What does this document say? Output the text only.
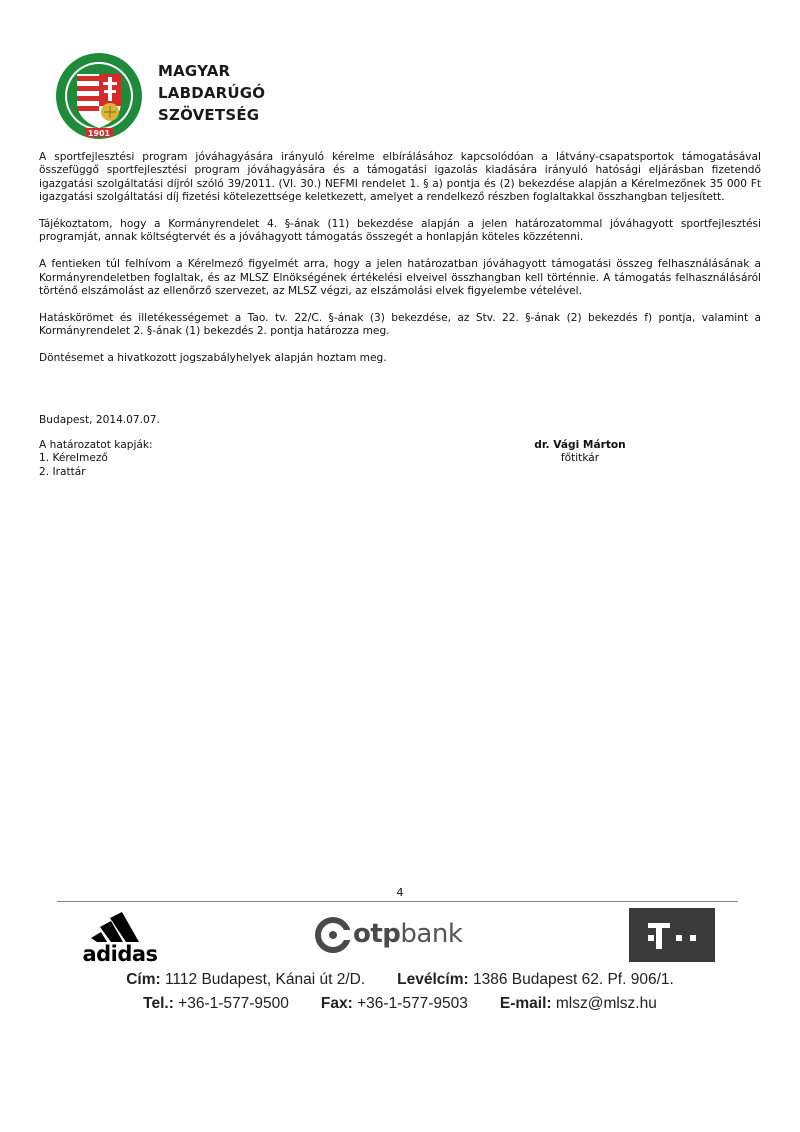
1901
MAGYAR
LABDARÚGÓ
SZÖVETSÉG

A sportfejlesztési program jóváhagyására irányuló kérelme elbírálásához kapcsolódóan a látvány-csapatsportok támogatásával összefüggő sportfejlesztési program jóváhagyására és a támogatási igazolás kiadására irányuló hatósági eljárásban fizetendő igazgatási szolgáltatási díjról szóló 39/2011. (VI. 30.) NEFMI rendelet 1. § a) pontja és (2) bekezdése alapján a Kérelmezőnek 35 000 Ft igazgatási szolgáltatási díj fizetési kötelezettsége keletkezett, amelyet a rendelkező részben foglaltakkal összhangban teljesített.

Tájékoztatom, hogy a Kormányrendelet 4. §-ának (11) bekezdése alapján a jelen határozatommal jóváhagyott sportfejlesztési programját, annak költségtervét és a jóváhagyott támogatás összegét a honlapján köteles közzétenni.

A fentieken túl felhívom a Kérelmező figyelmét arra, hogy a jelen határozatban jóváhagyott támogatási összeg felhasználásának a Kormányrendeletben foglaltak, és az MLSZ Elnökségének értékelési elveivel összhangban kell történnie. A támogatás felhasználásáról történő elszámolást az ellenőrző szervezet, az MLSZ végzi, az elszámolási elvek figyelembe vételével.

Hatáskörömet és illetékességemet a Tao. tv. 22/C. §-ának (3) bekezdése, az Stv. 22. §-ának (2) bekezdés f) pontja, valamint a Kormányrendelet 2. §-ának (1) bekezdés 2. pontja határozza meg.

Döntésemet a hivatkozott jogszabályhelyek alapján hoztam meg.

Budapest, 2014.07.07.
A határozatot kapják:
1. Kérelmező
2. Irattár
dr. Vági Márton
főtitkár
4
adidas
otpbank
Cím: 1112 Budapest, Kánai út 2/D. Levélcím: 1386 Budapest 62. Pf. 906/1.
Tel.: +36-1-577-9500 Fax: +36-1-577-9503 E-mail: mlsz@mlsz.hu
